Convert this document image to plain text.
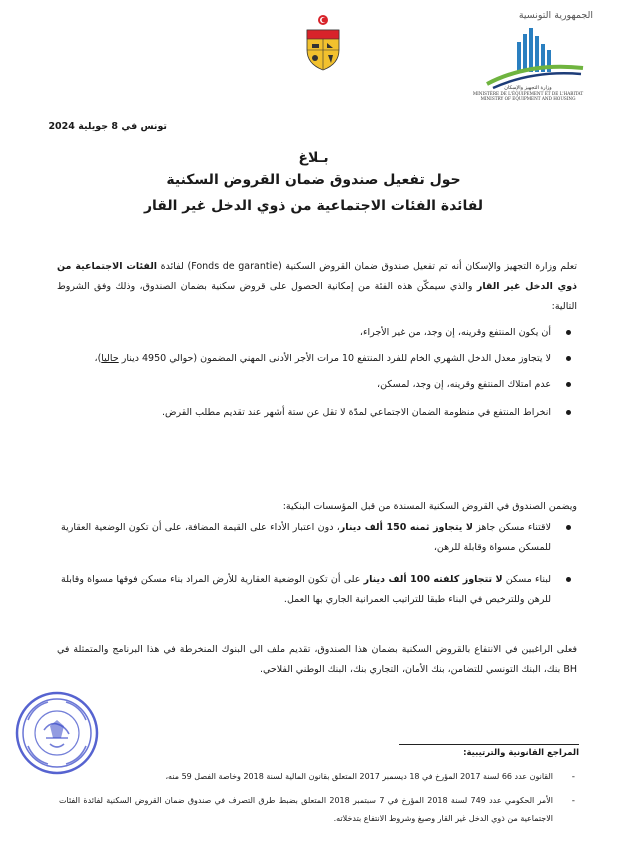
الجمهورية التونسية
وزارة التجهيز والإسكان
MINISTÈRE DE L'ÉQUIPEMENT ET DE L'HABITAT
MINISTRY OF EQUIPMENT AND HOUSING
تونس في 8 جويلية 2024
بـلاغ
حول تفعيل صندوق ضمان القروض السكنية
لفائدة الفئات الاجتماعية من ذوي الدخل غير القار
تعلم وزارة التجهيز والإسكان أنه تم تفعيل صندوق ضمان القروض السكنية (Fonds de garantie) لفائدة الفئات الاجتماعية من ذوي الدخل غير القار والذي سيمكّن هذه الفئة من إمكانية الحصول على قروض سكنية بضمان الصندوق، وذلك وفق الشروط التالية:
أن يكون المنتفع وقرينه، إن وجد، من غير الأجراء،
لا يتجاوز معدل الدخل الشهري الخام للفرد المنتفع 10 مرات الأجر الأدنى المهني المضمون (حوالي 4950 دينار حاليا)،
عدم امتلاك المنتفع وقرينه، إن وجد، لمسكن،
انخراط المنتفع في منظومة الضمان الاجتماعي لمدّة لا تقل عن ستة أشهر عند تقديم مطلب القرض.
ويضمن الصندوق في القروض السكنية المسندة من قبل المؤسسات البنكية:
لاقتناء مسكن جاهز لا يتجاوز ثمنه 150 ألف دينار، دون اعتبار الأداء على القيمة المضافة، على أن تكون الوضعية العقارية للمسكن مسواة وقابلة للرهن،
لبناء مسكن لا تتجاوز كلفته 100 ألف دينار على أن تكون الوضعية العقارية للأرض المراد بناء مسكن فوقها مسواة وقابلة للرهن وللترخيص في البناء طبقا للتراتيب العمرانية الجاري بها العمل.
فعلى الراغبين في الانتفاع بالقروض السكنية بضمان هذا الصندوق، تقديم ملف الى البنوك المنخرطة في هذا البرنامج والمتمثلة في BH بنك، البنك التونسي للتضامن، بنك الأمان، التجاري بنك، البنك الوطني الفلاحي.
المراجع القانونية والترتيبية:
-
القانون عدد 66 لسنة 2017 المؤرخ في 18 ديسمبر 2017 المتعلق بقانون المالية لسنة 2018 وخاصة الفصل 59 منه،
-
الأمر الحكومي عدد 749 لسنة 2018 المؤرخ في 7 سبتمبر 2018 المتعلق بضبط طرق التصرف في صندوق ضمان القروض السكنية لفائدة الفئات الاجتماعية من ذوي الدخل غير القار وصيغ وشروط الانتفاع بتدخلاته.
